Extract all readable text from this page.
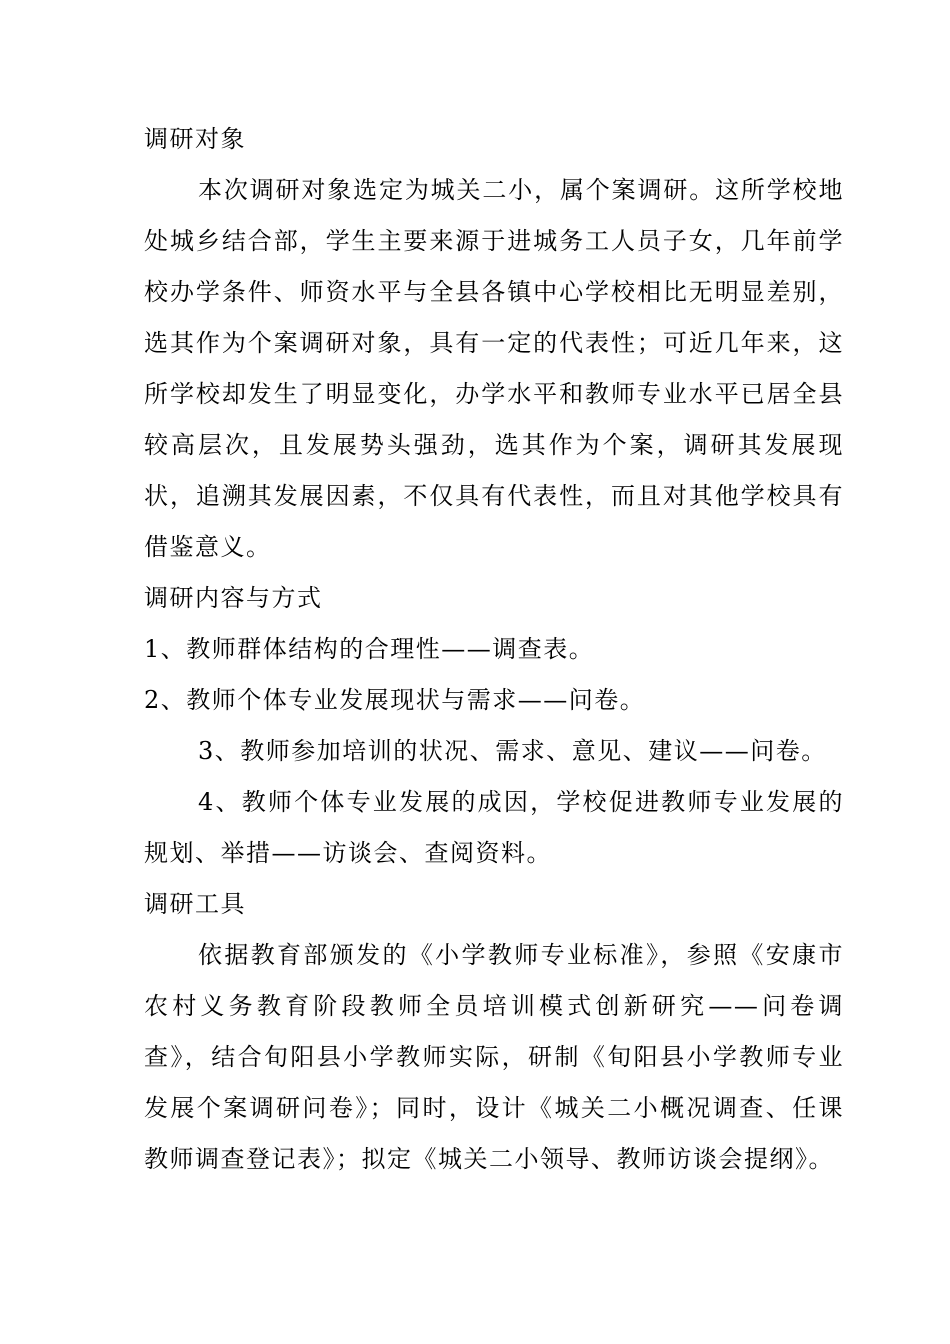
调研对象

本次调研对象选定为城关二小，属个案调研。这所学校地处城乡结合部，学生主要来源于进城务工人员子女，几年前学校办学条件、师资水平与全县各镇中心学校相比无明显差别，选其作为个案调研对象，具有一定的代表性；可近几年来，这所学校却发生了明显变化，办学水平和教师专业水平已居全县较高层次，且发展势头强劲，选其作为个案，调研其发展现状，追溯其发展因素，不仅具有代表性，而且对其他学校具有借鉴意义。

调研内容与方式

1、教师群体结构的合理性——调查表。

2、教师个体专业发展现状与需求——问卷。

3、教师参加培训的状况、需求、意见、建议——问卷。

4、教师个体专业发展的成因，学校促进教师专业发展的规划、举措——访谈会、查阅资料。

调研工具

依据教育部颁发的《小学教师专业标准》，参照《安康市农村义务教育阶段教师全员培训模式创新研究——问卷调查》，结合旬阳县小学教师实际，研制《旬阳县小学教师专业发展个案调研问卷》；同时，设计《城关二小概况调查、任课教师调查登记表》；拟定《城关二小领导、教师访谈会提纲》。
